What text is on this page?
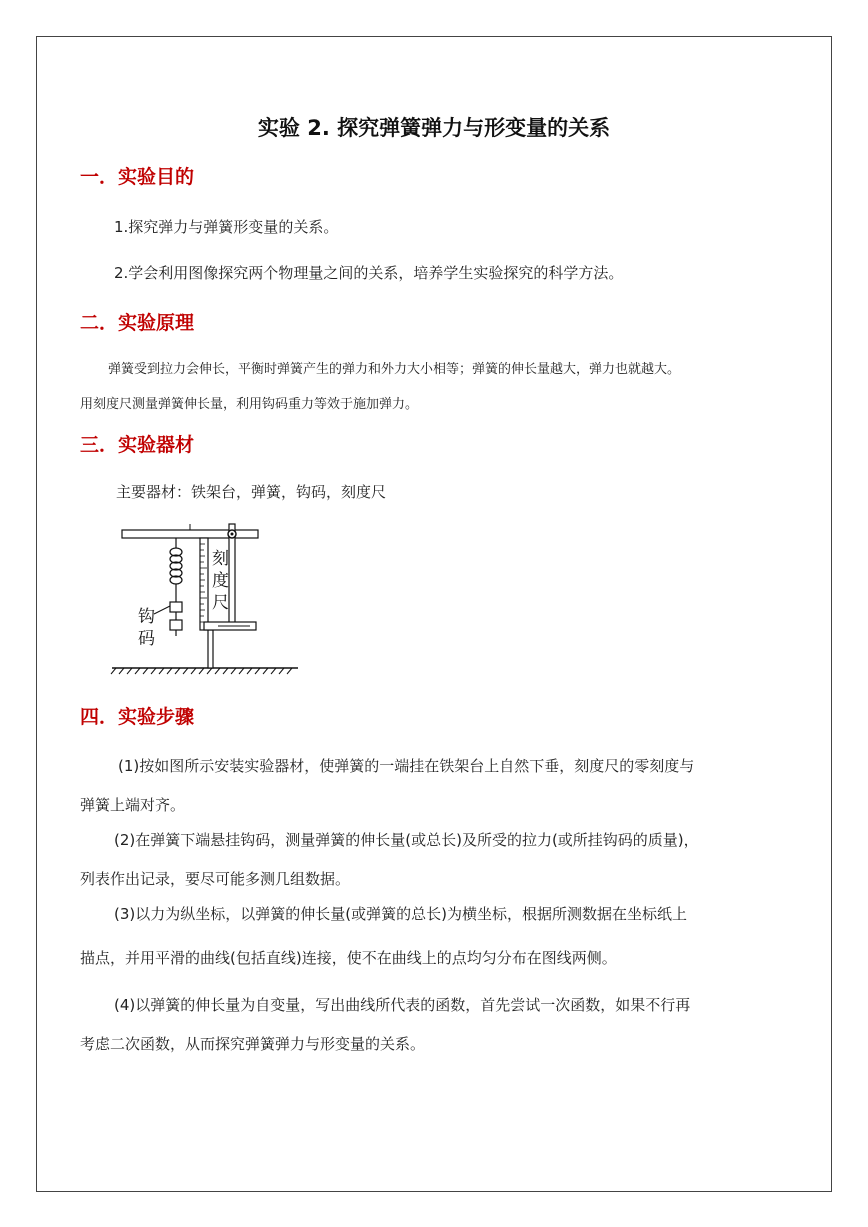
实验 2. 探究弹簧弹力与形变量的关系
一．实验目的
1.探究弹力与弹簧形变量的关系。
2.学会利用图像探究两个物理量之间的关系，培养学生实验探究的科学方法。
二．实验原理
弹簧受到拉力会伸长，平衡时弹簧产生的弹力和外力大小相等；弹簧的伸长量越大，弹力也就越大。
用刻度尺测量弹簧伸长量，利用钩码重力等效于施加弹力。
三．实验器材
主要器材：铁架台，弹簧，钩码，刻度尺
刻
度
尺
钩
码
四．实验步骤
(1)按如图所示安装实验器材，使弹簧的一端挂在铁架台上自然下垂，刻度尺的零刻度与
弹簧上端对齐。
(2)在弹簧下端悬挂钩码，测量弹簧的伸长量(或总长)及所受的拉力(或所挂钩码的质量)，
列表作出记录，要尽可能多测几组数据。
(3)以力为纵坐标，以弹簧的伸长量(或弹簧的总长)为横坐标，根据所测数据在坐标纸上
描点，并用平滑的曲线(包括直线)连接，使不在曲线上的点均匀分布在图线两侧。
(4)以弹簧的伸长量为自变量，写出曲线所代表的函数，首先尝试一次函数，如果不行再
考虑二次函数，从而探究弹簧弹力与形变量的关系。
